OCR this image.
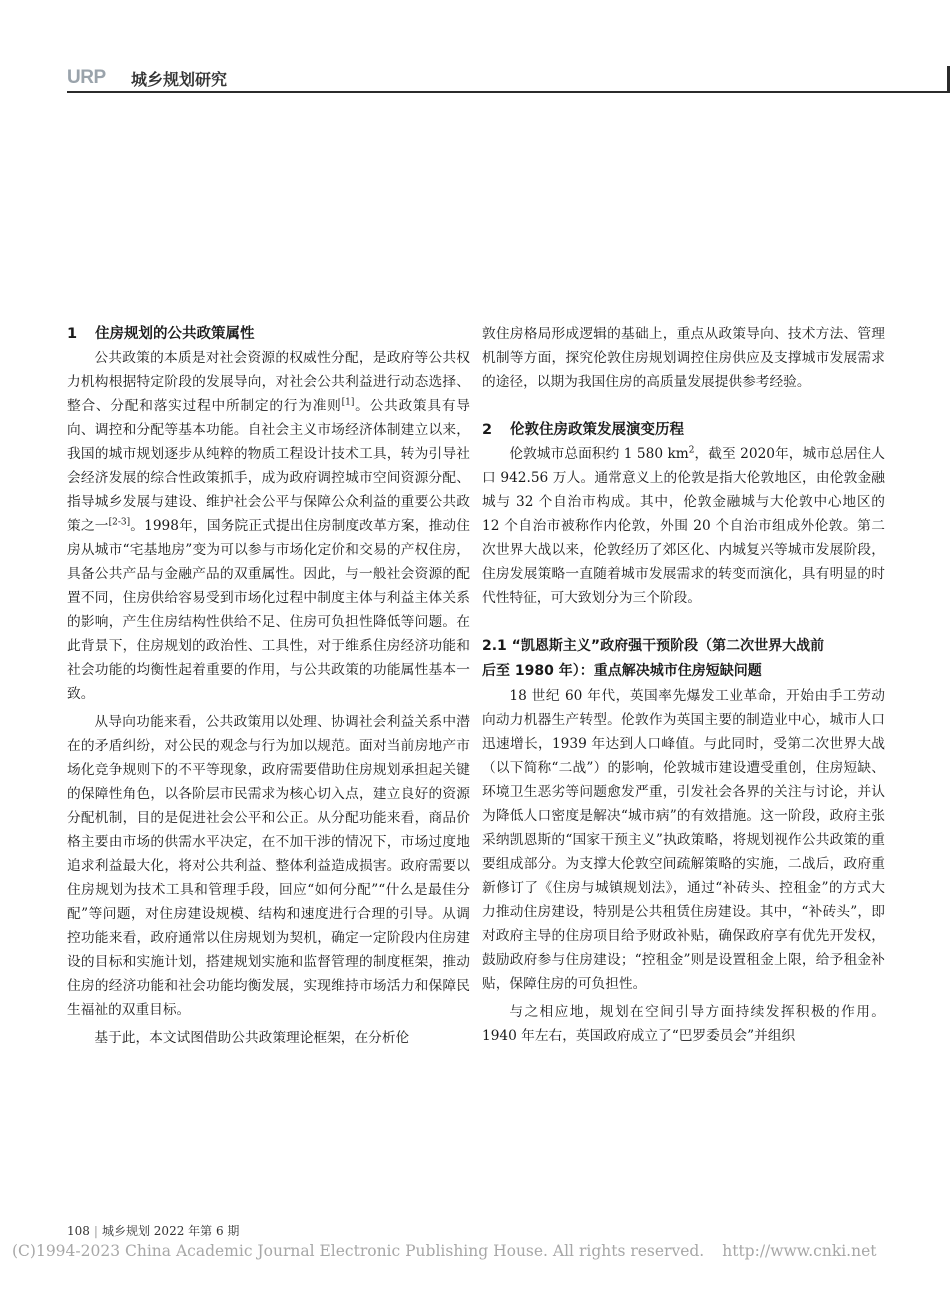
URP 城乡规划研究
1 住房规划的公共政策属性

公共政策的本质是对社会资源的权威性分配，是政府等公共权力机构根据特定阶段的发展导向，对社会公共利益进行动态选择、整合、分配和落实过程中所制定的行为准则[1]。公共政策具有导向、调控和分配等基本功能。自社会主义市场经济体制建立以来，我国的城市规划逐步从纯粹的物质工程设计技术工具，转为引导社会经济发展的综合性政策抓手，成为政府调控城市空间资源分配、指导城乡发展与建设、维护社会公平与保障公众利益的重要公共政策之一[2-3]。1998年，国务院正式提出住房制度改革方案，推动住房从城市“宅基地房”变为可以参与市场化定价和交易的产权住房，具备公共产品与金融产品的双重属性。因此，与一般社会资源的配置不同，住房供给容易受到市场化过程中制度主体与利益主体关系的影响，产生住房结构性供给不足、住房可负担性降低等问题。在此背景下，住房规划的政治性、工具性，对于维系住房经济功能和社会功能的均衡性起着重要的作用，与公共政策的功能属性基本一致。

从导向功能来看，公共政策用以处理、协调社会利益关系中潜在的矛盾纠纷，对公民的观念与行为加以规范。面对当前房地产市场化竞争规则下的不平等现象，政府需要借助住房规划承担起关键的保障性角色，以各阶层市民需求为核心切入点，建立良好的资源分配机制，目的是促进社会公平和公正。从分配功能来看，商品价格主要由市场的供需水平决定，在不加干涉的情况下，市场过度地追求利益最大化，将对公共利益、整体利益造成损害。政府需要以住房规划为技术工具和管理手段，回应“如何分配”“什么是最佳分配”等问题，对住房建设规模、结构和速度进行合理的引导。从调控功能来看，政府通常以住房规划为契机，确定一定阶段内住房建设的目标和实施计划，搭建规划实施和监督管理的制度框架，推动住房的经济功能和社会功能均衡发展，实现维持市场活力和保障民生福祉的双重目标。

基于此，本文试图借助公共政策理论框架，在分析伦

敦住房格局形成逻辑的基础上，重点从政策导向、技术方法、管理机制等方面，探究伦敦住房规划调控住房供应及支撑城市发展需求的途径，以期为我国住房的高质量发展提供参考经验。

2 伦敦住房政策发展演变历程

伦敦城市总面积约 1 580 $km^2$，截至 2020年，城市总居住人口 942.56 万人。通常意义上的伦敦是指大伦敦地区，由伦敦金融城与 32 个自治市构成。其中，伦敦金融城与大伦敦中心地区的 12 个自治市被称作内伦敦，外围 20 个自治市组成外伦敦。第二次世界大战以来，伦敦经历了郊区化、内城复兴等城市发展阶段，住房发展策略一直随着城市发展需求的转变而演化，具有明显的时代性特征，可大致划分为三个阶段。

2.1 “凯恩斯主义”政府强干预阶段（第二次世界大战前
后至 1980 年）：重点解决城市住房短缺问题

18 世纪 60 年代，英国率先爆发工业革命，开始由手工劳动向动力机器生产转型。伦敦作为英国主要的制造业中心，城市人口迅速增长，1939 年达到人口峰值。与此同时，受第二次世界大战（以下简称“二战”）的影响，伦敦城市建设遭受重创，住房短缺、环境卫生恶劣等问题愈发严重，引发社会各界的关注与讨论，并认为降低人口密度是解决“城市病”的有效措施。这一阶段，政府主张采纳凯恩斯的“国家干预主义”执政策略，将规划视作公共政策的重要组成部分。为支撑大伦敦空间疏解策略的实施，二战后，政府重新修订了《住房与城镇规划法》，通过“补砖头、控租金”的方式大力推动住房建设，特别是公共租赁住房建设。其中，“补砖头”，即对政府主导的住房项目给予财政补贴，确保政府享有优先开发权，鼓励政府参与住房建设；“控租金”则是设置租金上限，给予租金补贴，保障住房的可负担性。

与之相应地，规划在空间引导方面持续发挥积极的作用。1940 年左右，英国政府成立了“巴罗委员会”并组织

108 | 城乡规划 2022 年第 6 期
(C)1994-2023 China Academic Journal Electronic Publishing House. All rights reserved. http://www.cnki.net
